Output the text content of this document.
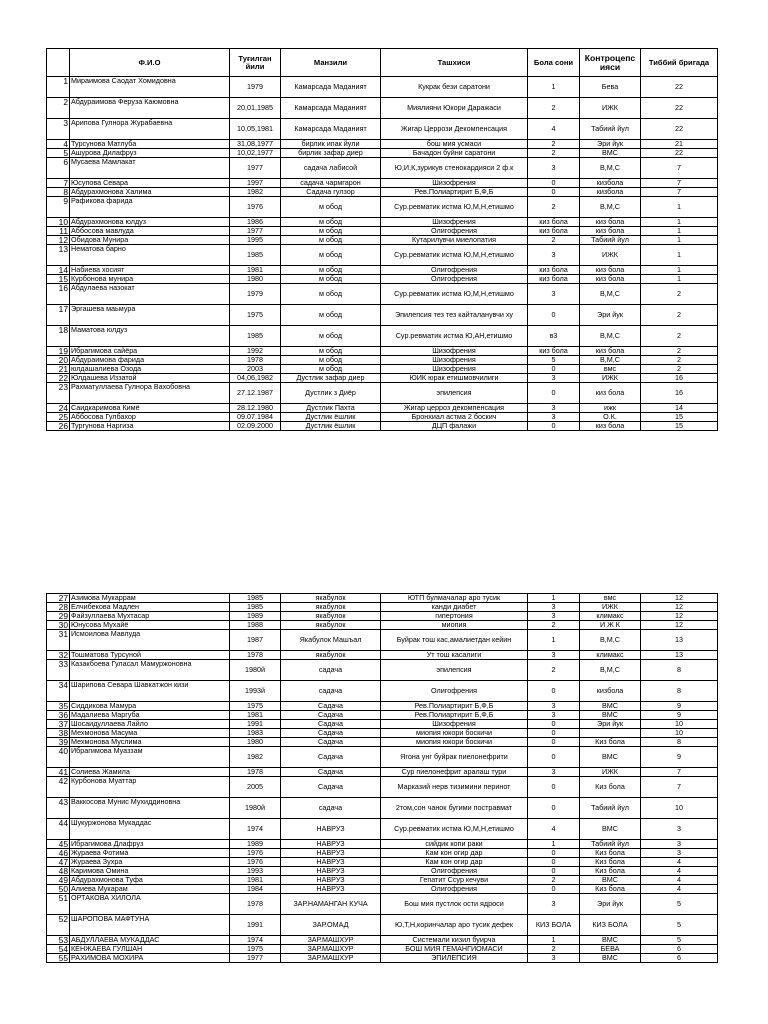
	Ф.И.О	Туғилган йили	Манзили	Ташхиси	Бола сони	Контроцепс ияси	Тиббий бригада
1	Мираимова Саодат Хомидовна	1979	Камарсада Маданият	Кукрак бези саратони	1	Бева	22
2	Абдураимова Феруза Каюмовна	20,01,1985	Камарсада Маданият	Миялияни Юкори Даражаси	2	ИЖК	22
3	Арипова Гулнора Журабаевна	10,05,1981	Камарсада Маданият	Жигар Церрози Декомпенсация	4	Табиий йул	22
4	Турсунова Матлуба	31,08,1977	бирлик ипак йули	бош мия усмаси	2	Эри йук	21
5	Ашурова Дилафруз	10,02,1977	бирлик зафар диер	Бачадон буйни саратони	2	ВМС	22
6	Мусаева Мамлакат	1977	садача лабисой	Ю,И,К,зурикув стенокардияси 2 ф.к	3	В,М,С	7
7	Юсупова Севара	1997	садача чармгарон	Шизофрения	0	кизбола	7
8	Абдурахмонова Халима	1982	Садача гулзор	Рев.Полиартирит Б,Ф,Б	0	кизбола	7
9	Рафикова фарида	1976	м обод	Сур.ревматик истма Ю,М,Н,етишмо	2	В,М,С	1
10	Абдурахмонова юлдуз	1986	м обод	Шизофрения	киз бола	киз бола	1
11	Аббосова мавлуда	1977	м обод	Олигофрения	киз бола	киз бола	1
12	Обидова Мунира	1995	м обод	Кутарилувчи миелопатия	2	Табиий йул	1
13	Нематова барно	1985	м обод	Сур.ревматик истма Ю,М,Н,етишмо	3	ИЖК	1
14	Набиева хосият	1981	м обод	Олигофрения	киз бола	киз бола	1
15	Курбонова мунира	1980	м обод	Олигофрения	киз бола	киз бола	1
16	Абдулаева назокат	1979	м обод	Сур.ревматик истма Ю,М,Н,етишмо	3	В,М,С	2
17	Эргашева маьмура	1975	м обод	Эпилепсия тез тез кайталанувчи ху	0	Эри йук	2
18	Маматова юлдуз	1985	м обод	Сур.ревматик истма Ю,АН,етишмо	в3	В,М,С	2
19	Ибрагимова сайёра	1992	м обод	Шизофрения	киз бола	киз бола	2
20	Абдураимова фарида	1978	м обод	Шизофрения	5	В,М,С	2
21	юлдашалиева Озода	2003	м обод	Шизофрения	0	вмс	2
22	Юлдашева Иззатой	04,06,1982	Дустлик зафар диер	ЮИК юрак етишмовчилиги	3	ИЖК	16
23	Рахматуллаева Гулнора Вахобовна	27.12.1987	Дустлик з Диёр	эпилепсия	0	киз бола	16
24	Саидкаримова Кимё	28.12.1980	Дустлик Пахта	Жигар церроз декомпенсация	3	ижк	14
25	Аббосова Гулбахор	09.07.1984	Дустлик ёшлик	Бронхиал астма 2 боскич	3	О.К.	15
26	Тургунова Наргиза	02.09.2000	Дустлик ёшлик	ДЦП фалажи	0	киз бола	15
27	Азимова Мукаррам	1985	якабулок	ЮТП булмачалар аро тусик	1	вмс	12
28	Елчибекова Мадлен	1985	якабулок	канди диабет	3	ИЖК	12
29	Файзуллаева Мухтасар	1989	якабулок	гипертония	3	климакс	12
30	Юнусова Мухайё	1988	якабулок	миопия	2	И Ж К	12
31	Исмоилова Мавлуда	1987	Якабулок Машъал	Буйрак тош кас,амалиетдан кейин	1	В,М,С	13
32	Тошматова Турсуной	1978	якабулок	Ут тош касалиги	3	климакс	13
33	Казакбоева Гуласал Мамуржоновна	1980й	садача	эпилепсия	2	В,М,С	8
34	Шарипова Севара Шавкатжон кизи	1993й	садача	Олигофрения	0	кизбола	8
35	Сиддикова Мамура	1975	Садача	Рев.Полиартирит Б,Ф,Б	3	ВМС	9
36	Мадалиева Маргуба	1981	Садача	Рев.Полиартирит Б,Ф,Б	3	ВМС	9
37	Шосаидуллаева Лайло	1991	Садача	Шизофрения	0	Эри йук	10
38	Мехмонова Масума	1983	Садача	миопия юкори боскичи	0		10
39	Мехмонова Муслима	1980	Садача	миопия юкори боскичи	0	Киз бола	8
40	Ибрагимова Муаззам	1982	Садача	Ягона унг буйрак пиелонефрити	0	ВМС	9
41	Солиева Жамила	1978	Садача	Сур пиелонефрит аралаш тури	3	ИЖК	7
42	Курбонова Муаттар	2005	Садача	Марказий нерв тизимини перинот	0	Киз бола	7
43	Ваккосова Мунис Мухиддиновна	1980й	садача	2том,сон чанок бугими постравмат	0	Табиий йул	10
44	Шукуржонова Мукаддас	1974	НАВРУЗ	Сур.ревматик истма Ю,М,Н,етишмо	4	ВМС	3
45	Ибрагимова Длафруз	1989	НАВРУЗ	сийдик копи раки	1	Табиий йул	3
46	Жураева Фотима	1976	НАВРУЗ	Кам кон огир дар	0	Киз бола	3
47	Жураева Зухра	1976	НАВРУЗ	Кам кон огир дар	0	Киз бола	4
48	Каримова Омина	1993	НАВРУЗ	Олигофрения	0	Киз бола	4
49	Абдурахмонова Туфа	1981	НАВРУЗ	Гепатит Ссур кечуви	2	ВМС	4
50	Алиева Мукарам	1984	НАВРУЗ	Олигофрения	0	Киз бола	4
51	ОРТАКОВА ХИЛОЛА	1978	ЗАР.НАМАНГАН КУЧА	Бош мия пустлок ости ядроси	3	Эри йук	5
52	ШАРОПОВА МАФТУНА	1991	ЗАР.ОМАД	Ю,Т,Н,коринчалар аро тусик дефек	КИЗ БОЛА	КИЗ БОЛА	5
53	АБДУЛЛАЕВА МУКАДДАС	1974	ЗАР.МАШХУР	Системали кизил буирча	1	ВМС	5
54	КЕНЖАЕВА ГУЛШАН	1975	ЗАР.МАШХУР	БОШ МИЯ ГЕМАНГИОМАСИ	2	БЕВА	6
55	РАХИМОВА МОХИРА	1977	ЗАР.МАШХУР	ЭПИЛЕПСИЯ	3	ВМС	6
